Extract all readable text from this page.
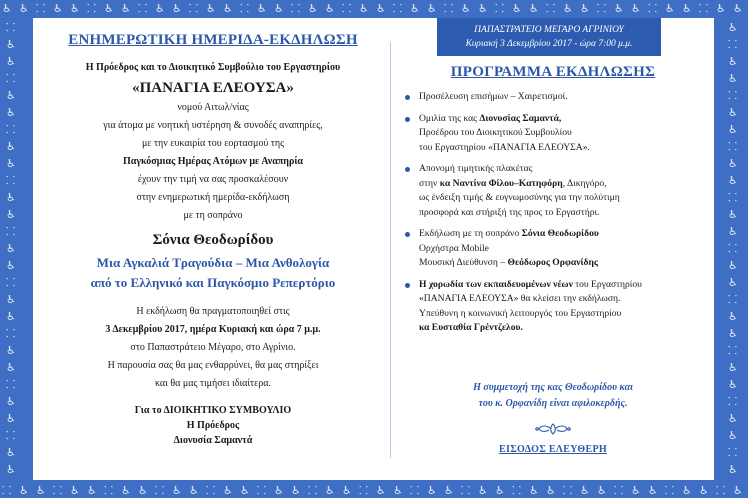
♿
⸬
♿
♿
⸬
♿
♿
⸬
♿
♿
⸬
♿
♿
⸬
♿
♿
⸬
♿
♿
⸬
♿
♿
⸬
♿
♿
⸬
♿
♿
⸬
♿
♿
⸬
♿
♿
⸬
♿
♿
⸬
♿
♿
⸬
♿
♿
⸬
♿
♿
⸬
♿
♿
⸬
♿
♿
⸬
♿
♿
⸬
♿
♿
⸬
♿
♿
⸬
♿
♿
⸬
♿
♿
⸬
♿
♿
⸬
♿
♿
⸬
♿
♿
⸬
♿
♿
⸬
♿
♿
⸬
♿
♿
⸬
♿
♿
⸬	♿
♿	⸬
♿	♿
⸬	♿
♿	⸬
♿	♿
⸬	♿
♿	⸬
♿	♿
⸬	♿
♿	⸬
♿	♿
⸬	♿
♿	⸬
♿	♿
⸬	♿
♿	⸬
♿	♿
⸬	♿
♿	⸬
♿	♿
⸬	♿
♿	⸬
♿	♿
⸬	♿
♿	⸬
♿	♿
ΕΝΗΜΕΡΩΤΙΚΗ ΗΜΕΡΙΔΑ-ΕΚΔΗΛΩΣΗ
Η Πρόεδρος και το Διοικητικό Συμβούλιο του Εργαστηρίου
«ΠΑΝΑΓΙΑ ΕΛΕΟΥΣΑ»
νομού Αιτωλ/νίας
για άτομα με νοητική υστέρηση & συνοδές αναπηρίες,
με την ευκαιρία του εορτασμού της
Παγκόσμιας Ημέρας Ατόμων με Αναπηρία
έχουν την τιμή να σας προσκαλέσουν
στην ενημερωτική ημερίδα-εκδήλωση
με τη σοπράνο
Σόνια Θεοδωρίδου
Μια Αγκαλιά Τραγούδια – Μια Ανθολογία
από το Ελληνικό και Παγκόσμιο Ρεπερτόριο
Η εκδήλωση θα πραγματοποιηθεί στις
3 Δεκεμβρίου 2017, ημέρα Κυριακή και ώρα 7 μ.μ.
στο Παπαστράτειο Μέγαρο, στο Αγρίνιο.
Η παρουσία σας θα μας ενθαρρύνει, θα μας στηρίξει
και θα μας τιμήσει ιδιαίτερα.
Για το ΔΙΟΙΚΗΤΙΚΟ ΣΥΜΒΟΥΛΙΟ
Η Πρόεδρος
Διονυσία Σαμαντά
ΠΑΠΑΣΤΡΑΤΕΙΟ ΜΕΓΑΡΟ ΑΓΡΙΝΙΟΥ
Κυριακή 3 Δεκεμβρίου 2017 - ώρα 7:00 μ.μ.
ΠΡΟΓΡΑΜΜΑ ΕΚΔΗΛΩΣΗΣ
Προσέλευση επισήμων – Χαιρετισμοί.
Ομιλία της κας Διονυσίας Σαμαντά,
Προέδρου του Διοικητικού Συμβουλίου
του Εργαστηρίου «ΠΑΝΑΓΙΑ ΕΛΕΟΥΣΑ».
Απονομή τιμητικής πλακέτας
στην κα Ναντίνα Φίλου–Κατηφόρη, Δικηγόρο,
ως ένδειξη τιμής & ευγνωμοσύνης για την πολύτιμη
προσφορά και στήριξή της προς το Εργαστήρι.
Εκδήλωση με τη σοπράνο Σόνια Θεοδωρίδου
Ορχήστρα Mobile
Μουσική Διεύθυνση – Θεόδωρος Ορφανίδης
Η χορωδία των εκπαιδευομένων νέων του Εργαστηρίου
«ΠΑΝΑΓΙΑ ΕΛΕΟΥΣΑ» θα κλείσει την εκδήλωση.
Υπεύθυνη η κοινωνική λειτουργός του Εργαστηρίου
κα Ευσταθία Γρέντζελου.
Η συμμετοχή της κας Θεοδωρίδου και
του κ. Ορφανίδη είναι αφιλοκερδής.
ΕΙΣΟΔΟΣ ΕΛΕΥΘΕΡΗ
